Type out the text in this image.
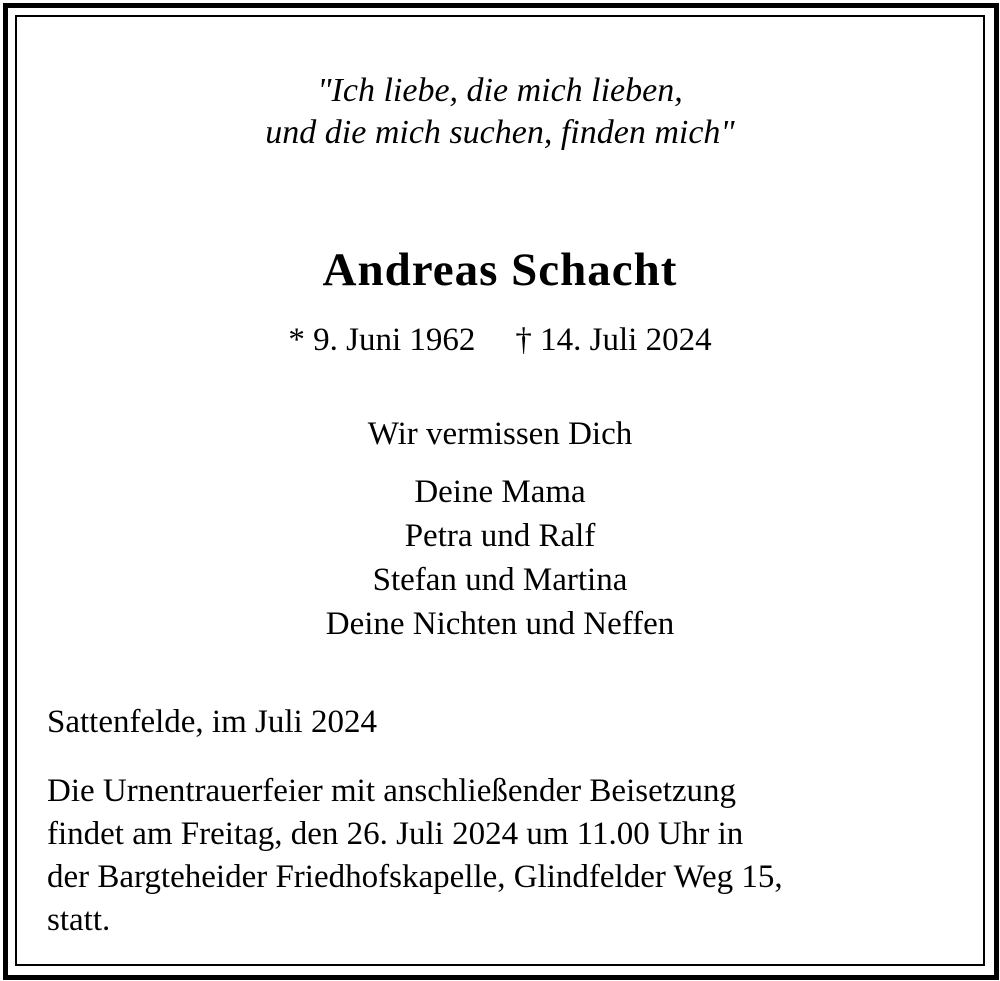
"Ich liebe, die mich lieben,
und die mich suchen, finden mich"
Andreas Schacht
* 9. Juni 1962 † 14. Juli 2024
Wir vermissen Dich
Deine Mama
Petra und Ralf
Stefan und Martina
Deine Nichten und Neffen
Sattenfelde, im Juli 2024
Die Urnentrauerfeier mit anschließender Beisetzung
findet am Freitag, den 26. Juli 2024 um 11.00 Uhr in
der Bargteheider Friedhofskapelle, Glindfelder Weg 15,
statt.
